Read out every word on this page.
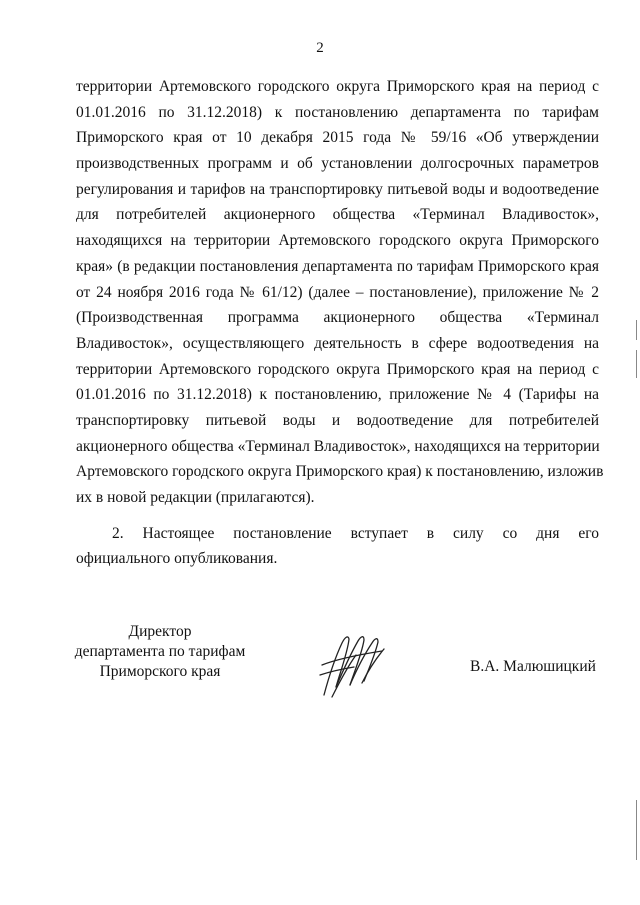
2
территории Артемовского городского округа Приморского края на период с
01.01.2016 по 31.12.2018) к постановлению департамента по тарифам
Приморского края от 10 декабря 2015 года № 59/16 «Об утверждении
производственных программ и об установлении долгосрочных параметров
регулирования и тарифов на транспортировку питьевой воды и водоотведение
для потребителей акционерного общества «Терминал Владивосток»,
находящихся на территории Артемовского городского округа Приморского
края» (в редакции постановления департамента по тарифам Приморского края
от 24 ноября 2016 года № 61/12) (далее – постановление), приложение № 2
(Производственная программа акционерного общества «Терминал
Владивосток», осуществляющего деятельность в сфере водоотведения на
территории Артемовского городского округа Приморского края на период с
01.01.2016 по 31.12.2018) к постановлению, приложение № 4 (Тарифы на
транспортировку питьевой воды и водоотведение для потребителей
акционерного общества «Терминал Владивосток», находящихся на территории
Артемовского городского округа Приморского края) к постановлению, изложив
их в новой редакции (прилагаются).
2. Настоящее постановление вступает в силу со дня его
официального опубликования.
Директор
департамента по тарифам
Приморского края	В.А. Малюшицкий
